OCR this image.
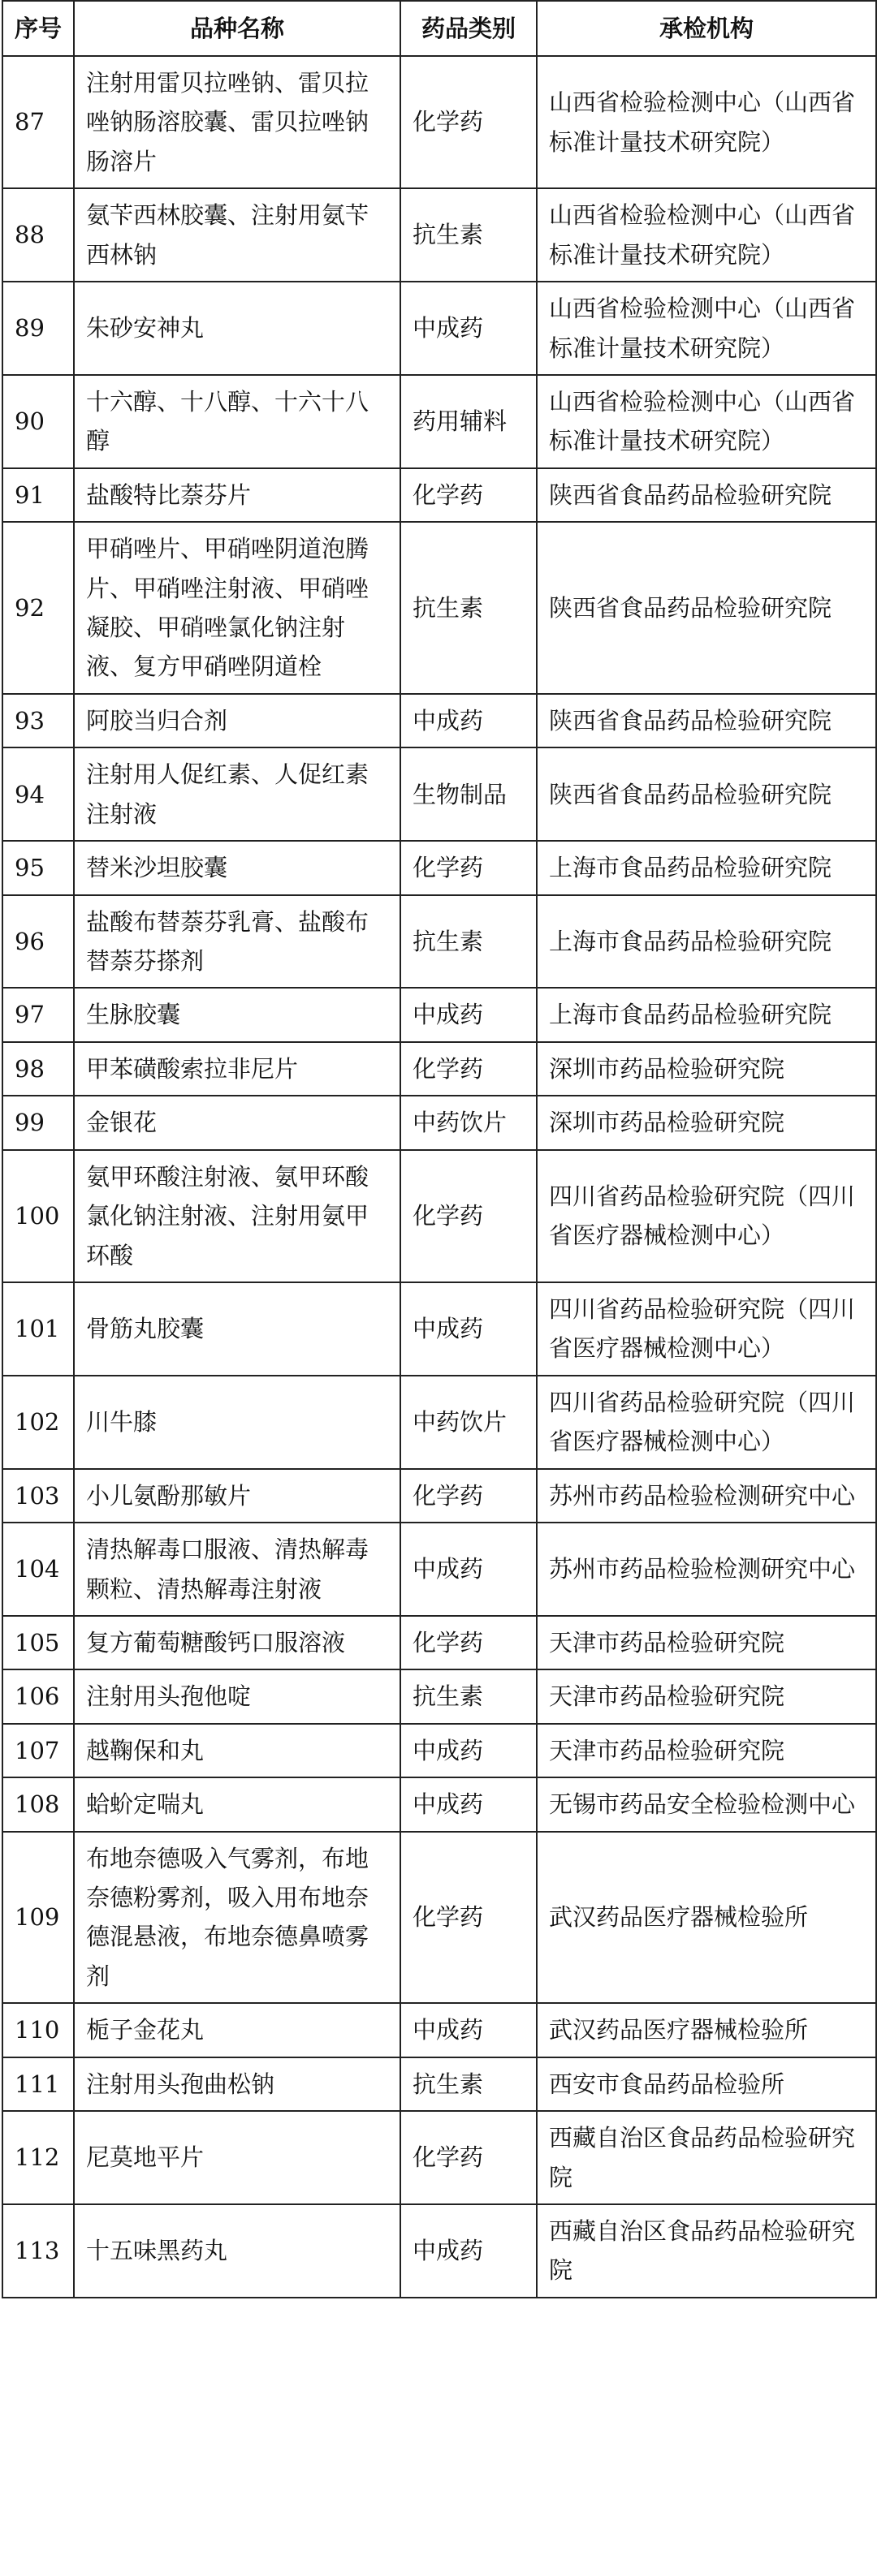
序号	品种名称	药品类别	承检机构
87	注射用雷贝拉唑钠、雷贝拉唑钠肠溶胶囊、雷贝拉唑钠肠溶片	化学药	山西省检验检测中心（山西省标准计量技术研究院）
88	氨苄西林胶囊、注射用氨苄西林钠	抗生素	山西省检验检测中心（山西省标准计量技术研究院）
89	朱砂安神丸	中成药	山西省检验检测中心（山西省标准计量技术研究院）
90	十六醇、十八醇、十六十八醇	药用辅料	山西省检验检测中心（山西省标准计量技术研究院）
91	盐酸特比萘芬片	化学药	陕西省食品药品检验研究院
92	甲硝唑片、甲硝唑阴道泡腾片、甲硝唑注射液、甲硝唑凝胶、甲硝唑氯化钠注射液、复方甲硝唑阴道栓	抗生素	陕西省食品药品检验研究院
93	阿胶当归合剂	中成药	陕西省食品药品检验研究院
94	注射用人促红素、人促红素注射液	生物制品	陕西省食品药品检验研究院
95	替米沙坦胶囊	化学药	上海市食品药品检验研究院
96	盐酸布替萘芬乳膏、盐酸布替萘芬搽剂	抗生素	上海市食品药品检验研究院
97	生脉胶囊	中成药	上海市食品药品检验研究院
98	甲苯磺酸索拉非尼片	化学药	深圳市药品检验研究院
99	金银花	中药饮片	深圳市药品检验研究院
100	氨甲环酸注射液、氨甲环酸氯化钠注射液、注射用氨甲环酸	化学药	四川省药品检验研究院（四川省医疗器械检测中心）
101	骨筋丸胶囊	中成药	四川省药品检验研究院（四川省医疗器械检测中心）
102	川牛膝	中药饮片	四川省药品检验研究院（四川省医疗器械检测中心）
103	小儿氨酚那敏片	化学药	苏州市药品检验检测研究中心
104	清热解毒口服液、清热解毒颗粒、清热解毒注射液	中成药	苏州市药品检验检测研究中心
105	复方葡萄糖酸钙口服溶液	化学药	天津市药品检验研究院
106	注射用头孢他啶	抗生素	天津市药品检验研究院
107	越鞠保和丸	中成药	天津市药品检验研究院
108	蛤蚧定喘丸	中成药	无锡市药品安全检验检测中心
109	布地奈德吸入气雾剂，布地奈德粉雾剂，吸入用布地奈德混悬液，布地奈德鼻喷雾剂	化学药	武汉药品医疗器械检验所
110	栀子金花丸	中成药	武汉药品医疗器械检验所
111	注射用头孢曲松钠	抗生素	西安市食品药品检验所
112	尼莫地平片	化学药	西藏自治区食品药品检验研究院
113	十五味黑药丸	中成药	西藏自治区食品药品检验研究院
